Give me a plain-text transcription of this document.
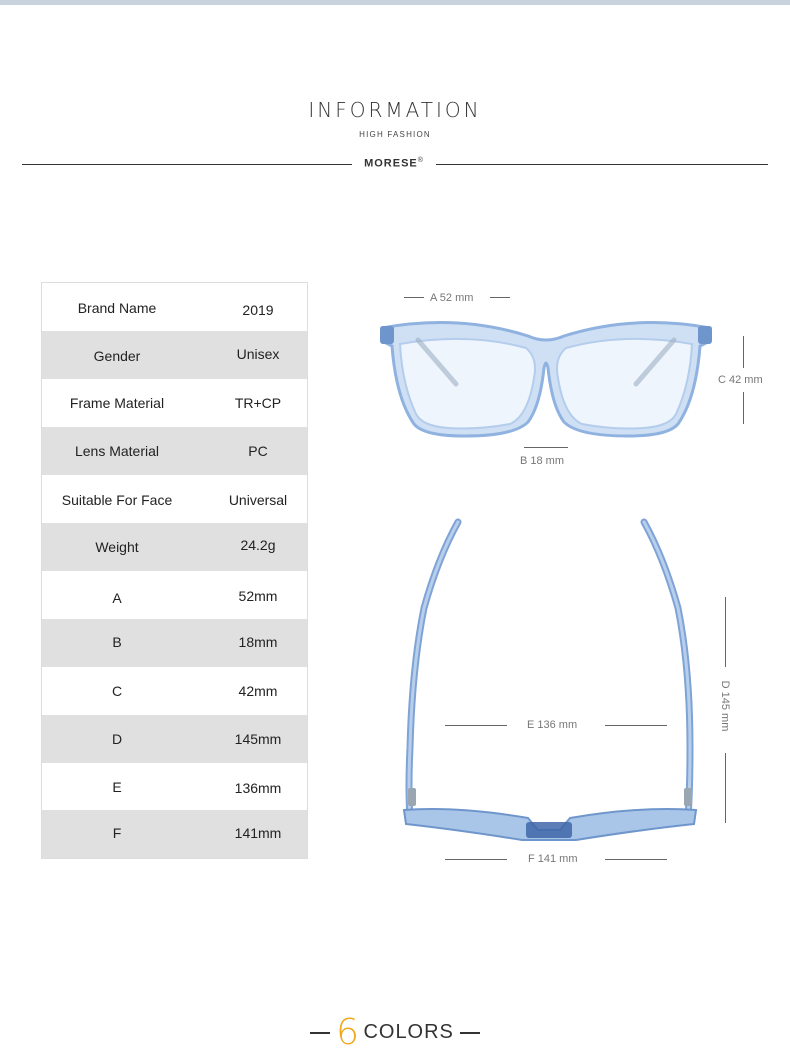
INFORMATION
HIGH FASHION
MORESE®
Brand Name	2019
Gender	Unisex
Frame Material	TR+CP
Lens Material	PC
Suitable For Face	Universal
Weight	24.2g
A	52mm
B	18mm
C	42mm
D	145mm
E	136mm
F	141mm
A 52 mm
B 18 mm
C 42 mm
D 145 mm
E 136 mm
F 141 mm
6 COLORS
